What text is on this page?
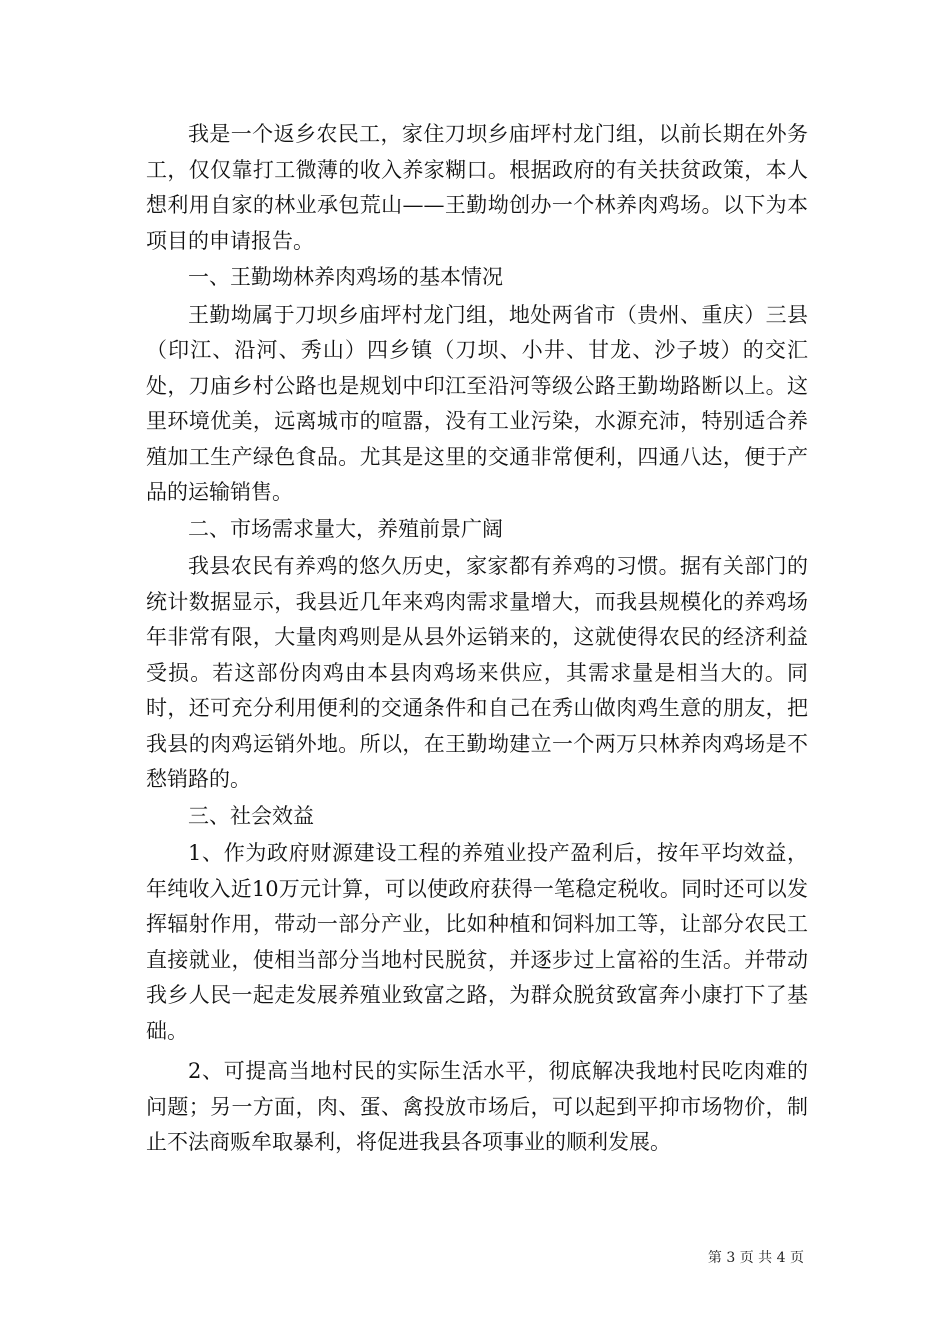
我是一个返乡农民工，家住刀坝乡庙坪村龙门组，以前长期在外务工，仅仅靠打工微薄的收入养家糊口。根据政府的有关扶贫政策，本人想利用自家的林业承包荒山——王勤坳创办一个林养肉鸡场。以下为本项目的申请报告。

一、王勤坳林养肉鸡场的基本情况

王勤坳属于刀坝乡庙坪村龙门组，地处两省市（贵州、重庆）三县（印江、沿河、秀山）四乡镇（刀坝、小井、甘龙、沙子坡）的交汇处，刀庙乡村公路也是规划中印江至沿河等级公路王勤坳路断以上。这里环境优美，远离城市的喧嚣，没有工业污染，水源充沛，特别适合养殖加工生产绿色食品。尤其是这里的交通非常便利，四通八达，便于产品的运输销售。

二、市场需求量大，养殖前景广阔

我县农民有养鸡的悠久历史，家家都有养鸡的习惯。据有关部门的统计数据显示，我县近几年来鸡肉需求量增大，而我县规模化的养鸡场年非常有限，大量肉鸡则是从县外运销来的，这就使得农民的经济利益受损。若这部份肉鸡由本县肉鸡场来供应，其需求量是相当大的。同时，还可充分利用便利的交通条件和自己在秀山做肉鸡生意的朋友，把我县的肉鸡运销外地。所以，在王勤坳建立一个两万只林养肉鸡场是不愁销路的。

三、社会效益

1、作为政府财源建设工程的养殖业投产盈利后，按年平均效益，年纯收入近10万元计算，可以使政府获得一笔稳定税收。同时还可以发挥辐射作用，带动一部分产业，比如种植和饲料加工等，让部分农民工直接就业，使相当部分当地村民脱贫，并逐步过上富裕的生活。并带动我乡人民一起走发展养殖业致富之路，为群众脱贫致富奔小康打下了基础。

2、可提高当地村民的实际生活水平，彻底解决我地村民吃肉难的问题；另一方面，肉、蛋、禽投放市场后，可以起到平抑市场物价，制止不法商贩牟取暴利，将促进我县各项事业的顺利发展。

第 3 页 共 4 页
